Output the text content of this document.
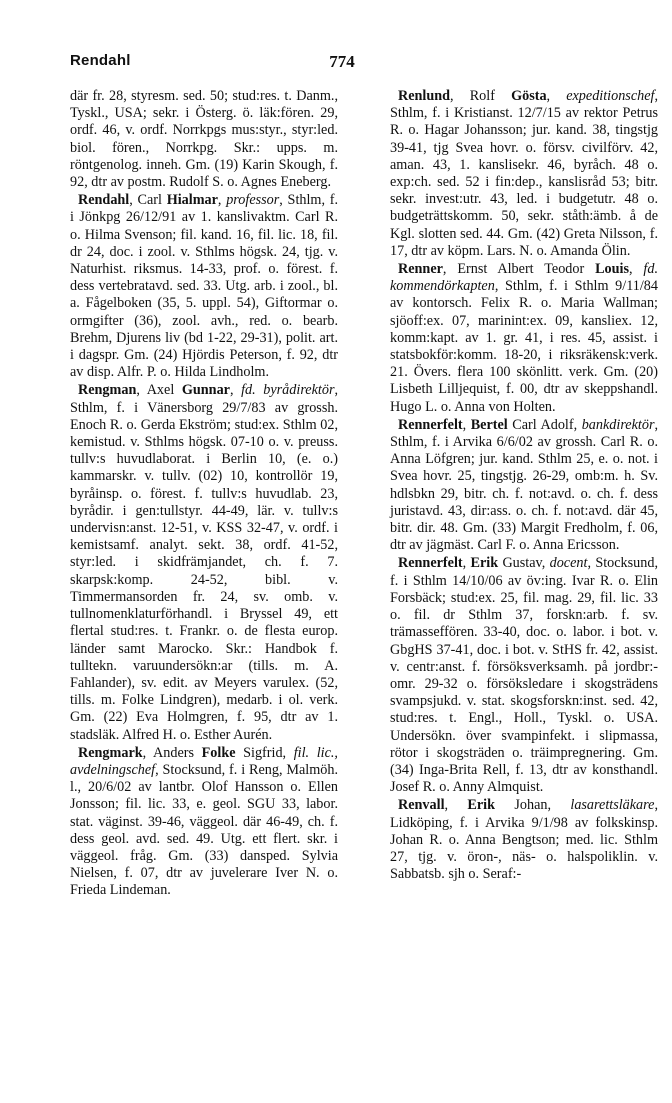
Rendahl	774

där fr. 28, styresm. sed. 50; stud:res. t. Danm., Tyskl., USA; sekr. i Österg. ö. läk:fören. 29, ordf. 46, v. ordf. Norrkpgs mus:styr., styr:led. biol. fören., Norrkpg. Skr.: upps. m. röntgenolog. inneh. Gm. (19) Karin Skough, f. 92, dtr av postm. Rudolf S. o. Agnes Eneberg.

Rendahl, Carl Hialmar, professor, Sthlm, f. i Jönkpg 26/12/91 av 1. kanslivaktm. Carl R. o. Hilma Svenson; fil. kand. 16, fil. lic. 18, fil. dr 24, doc. i zool. v. Sthlms högsk. 24, tjg. v. Naturhist. riksmus. 14-33, prof. o. förest. f. dess vertebratavd. sed. 33. Utg. arb. i zool., bl. a. Fågelboken (35, 5. uppl. 54), Giftormar o. ormgifter (36), zool. avh., red. o. bearb. Brehm, Djurens liv (bd 1-22, 29-31), polit. art. i dagspr. Gm. (24) Hjördis Peterson, f. 92, dtr av disp. Alfr. P. o. Hilda Lindholm.

Rengman, Axel Gunnar, fd. byrådirektör, Sthlm, f. i Vänersborg 29/7/83 av grossh. Enoch R. o. Gerda Ekström; stud:ex. Sthlm 02, kemistud. v. Sthlms högsk. 07-10 o. v. preuss. tullv:s huvudlaborat. i Berlin 10, (e. o.) kammarskr. v. tullv. (02) 10, kontrollör 19, byråinsp. o. förest. f. tullv:s huvudlab. 23, byrådir. i gen:tullstyr. 44-49, lär. v. tullv:s undervisn:anst. 12-51, v. KSS 32-47, v. ordf. i kemistsamf. analyt. sekt. 38, ordf. 41-52, styr:led. i skidfrämjandet, ch. f. 7. skarpsk:komp. 24-52, bibl. v. Timmermansorden fr. 24, sv. omb. v. tullnomenklaturförhandl. i Bryssel 49, ett flertal stud:res. t. Frankr. o. de flesta europ. länder samt Marocko. Skr.: Handbok f. tulltekn. varuundersökn:ar (tills. m. A. Fahlander), sv. edit. av Meyers varulex. (52, tills. m. Folke Lindgren), medarb. i ol. verk. Gm. (22) Eva Holmgren, f. 95, dtr av 1. stadsläk. Alfred H. o. Esther Aurén.

Rengmark, Anders Folke Sigfrid, fil. lic., avdelningschef, Stocksund, f. i Reng, Malmöh. l., 20/6/02 av lantbr. Olof Hansson o. Ellen Jonsson; fil. lic. 33, e. geol. SGU 33, labor. stat. väginst. 39-46, väggeol. där 46-49, ch. f. dess geol. avd. sed. 49. Utg. ett flert. skr. i väggeol. fråg. Gm. (33) dansped. Sylvia Nielsen, f. 07, dtr av juvelerare Iver N. o. Frieda Lindeman.

Renlund, Rolf Gösta, expeditionschef, Sthlm, f. i Kristianst. 12/7/15 av rektor Petrus R. o. Hagar Johansson; jur. kand. 38, tingstjg 39-41, tjg Svea hovr. o. försv. civilförv. 42, aman. 43, 1. kanslisekr. 46, byråch. 48 o. exp:ch. sed. 52 i fin:dep., kanslisråd 53; bitr. sekr. invest:utr. 43, led. i budgetutr. 48 o. budgeträttskomm. 50, sekr. ståth:ämb. å de Kgl. slotten sed. 44. Gm. (42) Greta Nilsson, f. 17, dtr av köpm. Lars. N. o. Amanda Ölin.

Renner, Ernst Albert Teodor Louis, fd. kommendörkapten, Sthlm, f. i Sthlm 9/11/84 av kontorsch. Felix R. o. Maria Wallman; sjöoff:ex. 07, marinint:ex. 09, kansliex. 12, komm:kapt. av 1. gr. 41, i res. 45, assist. i statsbokför:komm. 18-20, i riksräkensk:verk. 21. Övers. flera 100 skönlitt. verk. Gm. (20) Lisbeth Lilljequist, f. 00, dtr av skeppshandl. Hugo L. o. Anna von Holten.

Rennerfelt, Bertel Carl Adolf, bankdirektör, Sthlm, f. i Arvika 6/6/02 av grossh. Carl R. o. Anna Löfgren; jur. kand. Sthlm 25, e. o. not. i Svea hovr. 25, tingstjg. 26-29, omb:m. h. Sv. hdlsbkn 29, bitr. ch. f. not:avd. o. ch. f. dess juristavd. 43, dir:ass. o. ch. f. not:avd. där 45, bitr. dir. 48. Gm. (33) Margit Fredholm, f. 06, dtr av jägmäst. Carl F. o. Anna Ericsson.

Rennerfelt, Erik Gustav, docent, Stocksund, f. i Sthlm 14/10/06 av öv:ing. Ivar R. o. Elin Forsbäck; stud:ex. 25, fil. mag. 29, fil. lic. 33 o. fil. dr Sthlm 37, forskn:arb. f. sv. trämasseffören. 33-40, doc. o. labor. i bot. v. GbgHS 37-41, doc. i bot. v. StHS fr. 42, assist. v. centr:anst. f. försöksverksamh. på jordbr:-omr. 29-32 o. försöksledare i skogsträdens svampsjukd. v. stat. skogsforskn:inst. sed. 42, stud:res. t. Engl., Holl., Tyskl. o. USA. Undersökn. över svampinfekt. i slipmassa, rötor i skogsträden o. träimpregnering. Gm. (34) Inga-Brita Rell, f. 13, dtr av konsthandl. Josef R. o. Anny Almquist.

Renvall, Erik Johan, lasarettsläkare, Lidköping, f. i Arvika 9/1/98 av folkskinsp. Johan R. o. Anna Bengtson; med. lic. Sthlm 27, tjg. v. öron-, näs- o. halspoliklin. v. Sabbatsb. sjh o. Seraf:-
